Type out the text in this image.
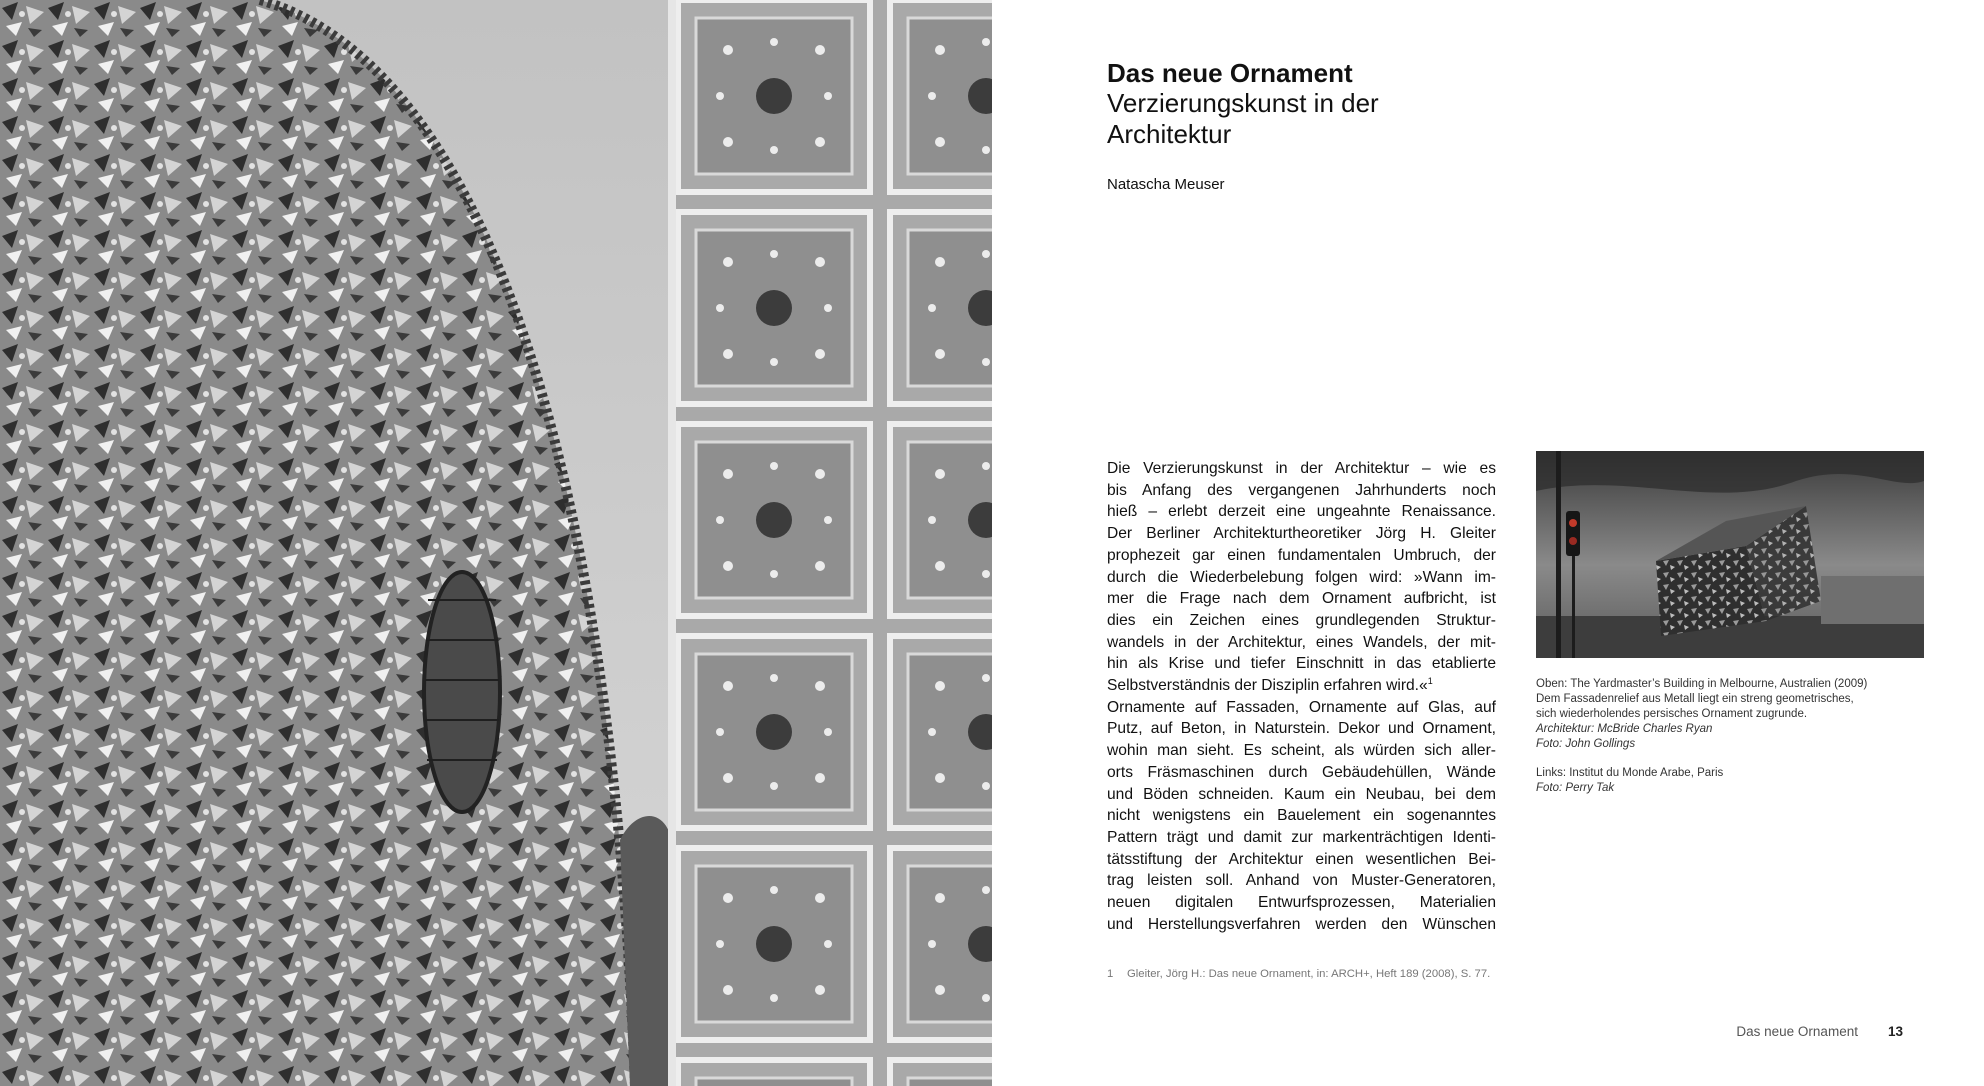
Das neue Ornament
Verzierungskunst in der
Architektur
Natascha Meuser

Die Verzierungskunst in der Architektur – wie es

bis Anfang des vergangenen Jahrhunderts noch

hieß – erlebt derzeit eine ungeahnte Renaissance.

Der Berliner Architekturtheoretiker Jörg H. Gleiter

prophezeit gar einen fundamentalen Umbruch, der

durch die Wiederbelebung folgen wird: »Wann im-

mer die Frage nach dem Ornament aufbricht, ist

dies ein Zeichen eines grundlegenden Struktur-

wandels in der Architektur, eines Wandels, der mit-

hin als Krise und tiefer Einschnitt in das etablierte

Selbstverständnis der Disziplin erfahren wird.«$^1$

Ornamente auf Fassaden, Ornamente auf Glas, auf

Putz, auf Beton, in Naturstein. Dekor und Ornament,

wohin man sieht. Es scheint, als würden sich aller-

orts Fräsmaschinen durch Gebäudehüllen, Wände

und Böden schneiden. Kaum ein Neubau, bei dem

nicht wenigstens ein Bauelement ein sogenanntes

Pattern trägt und damit zur markenträchtigen Identi-

tätsstiftung der Architektur einen wesentlichen Bei-

trag leisten soll. Anhand von Muster-Generatoren,

neuen digitalen Entwurfsprozessen, Materialien

und Herstellungsverfahren werden den Wünschen

1 Gleiter, Jörg H.: Das neue Ornament, in: ARCH+, Heft 189 (2008), S. 77.
Oben: The Yardmaster’s Building in Melbourne, Australien (2009)
Dem Fassadenrelief aus Metall liegt ein streng geometrisches,
sich wiederholendes persisches Ornament zugrunde.
Architektur: McBride Charles Ryan
Foto: John Gollings
Links: Institut du Monde Arabe, Paris
Foto: Perry Tak
Das neue Ornament 13
